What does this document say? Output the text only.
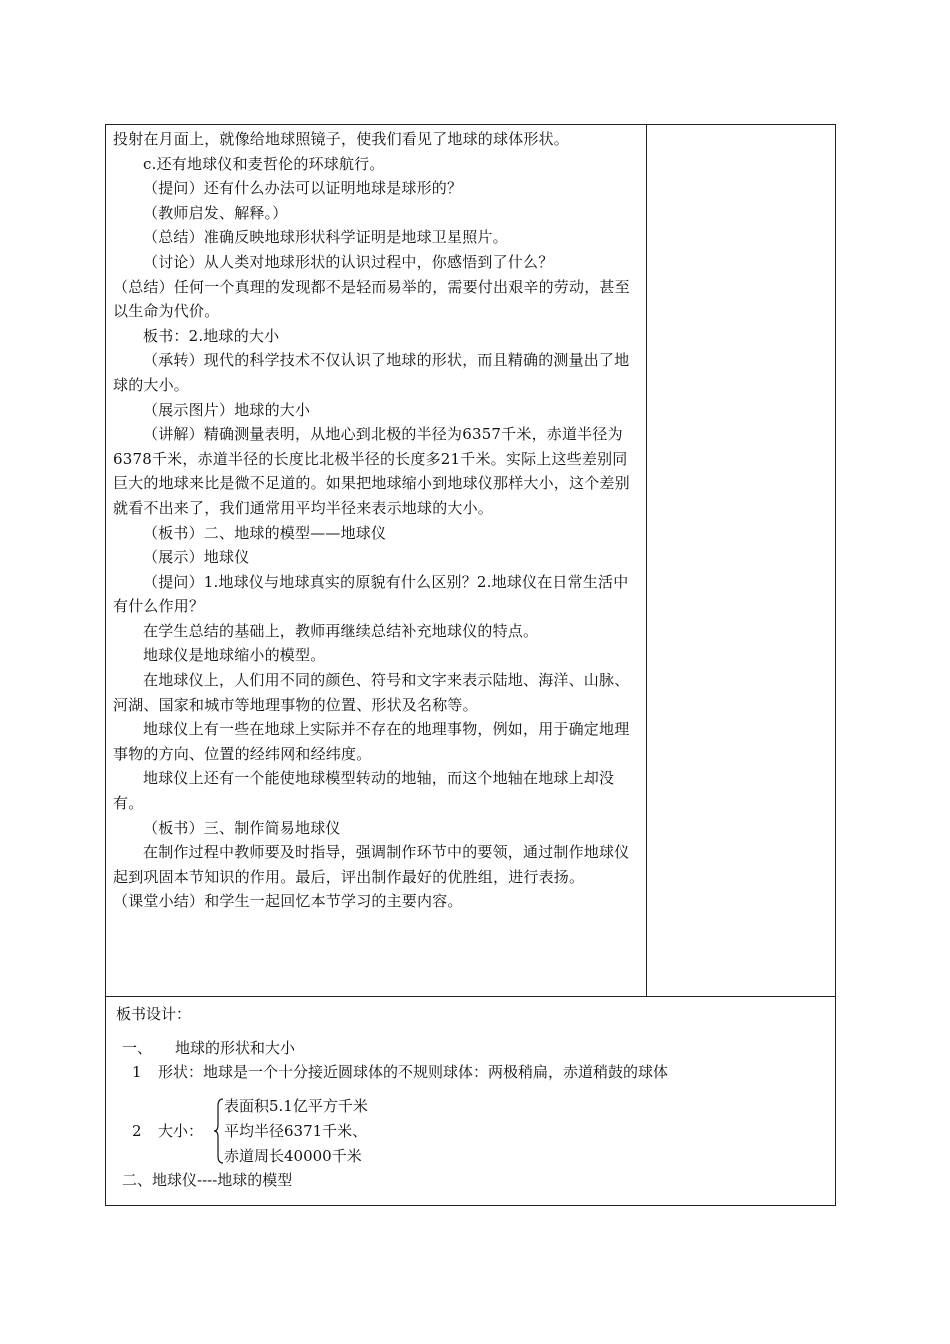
投射在月面上，就像给地球照镜子，使我们看见了地球的球体形状。

c.还有地球仪和麦哲伦的环球航行。

（提问）还有什么办法可以证明地球是球形的？

（教师启发、解释。）

（总结）准确反映地球形状科学证明是地球卫星照片。

（讨论）从人类对地球形状的认识过程中，你感悟到了什么？

（总结）任何一个真理的发现都不是轻而易举的，需要付出艰辛的劳动，甚至以生命为代价。

板书：2.地球的大小

（承转）现代的科学技术不仅认识了地球的形状，而且精确的测量出了地球的大小。

（展示图片）地球的大小

（讲解）精确测量表明，从地心到北极的半径为6357千米，赤道半径为6378千米，赤道半径的长度比北极半径的长度多21千米。实际上这些差别同巨大的地球来比是微不足道的。如果把地球缩小到地球仪那样大小，这个差别就看不出来了，我们通常用平均半径来表示地球的大小。

（板书）二、地球的模型——地球仪

（展示）地球仪

（提问）1.地球仪与地球真实的原貌有什么区别？2.地球仪在日常生活中有什么作用？

在学生总结的基础上，教师再继续总结补充地球仪的特点。

地球仪是地球缩小的模型。

在地球仪上，人们用不同的颜色、符号和文字来表示陆地、海洋、山脉、河湖、国家和城市等地理事物的位置、形状及名称等。

地球仪上有一些在地球上实际并不存在的地理事物，例如，用于确定地理事物的方向、位置的经纬网和经纬度。

地球仪上还有一个能使地球模型转动的地轴，而这个地轴在地球上却没有。

（板书）三、制作简易地球仪

在制作过程中教师要及时指导，强调制作环节中的要领，通过制作地球仪起到巩固本节知识的作用。最后，评出制作最好的优胜组，进行表扬。

（课堂小结）和学生一起回忆本节学习的主要内容。

板书设计：
一、 地球的形状和大小
1 形状：地球是一个十分接近圆球体的不规则球体：两极稍扁，赤道稍鼓的球体
2 大小：
表面积5.1亿平方千米
平均半径6371千米、
赤道周长40000千米
二、地球仪----地球的模型
